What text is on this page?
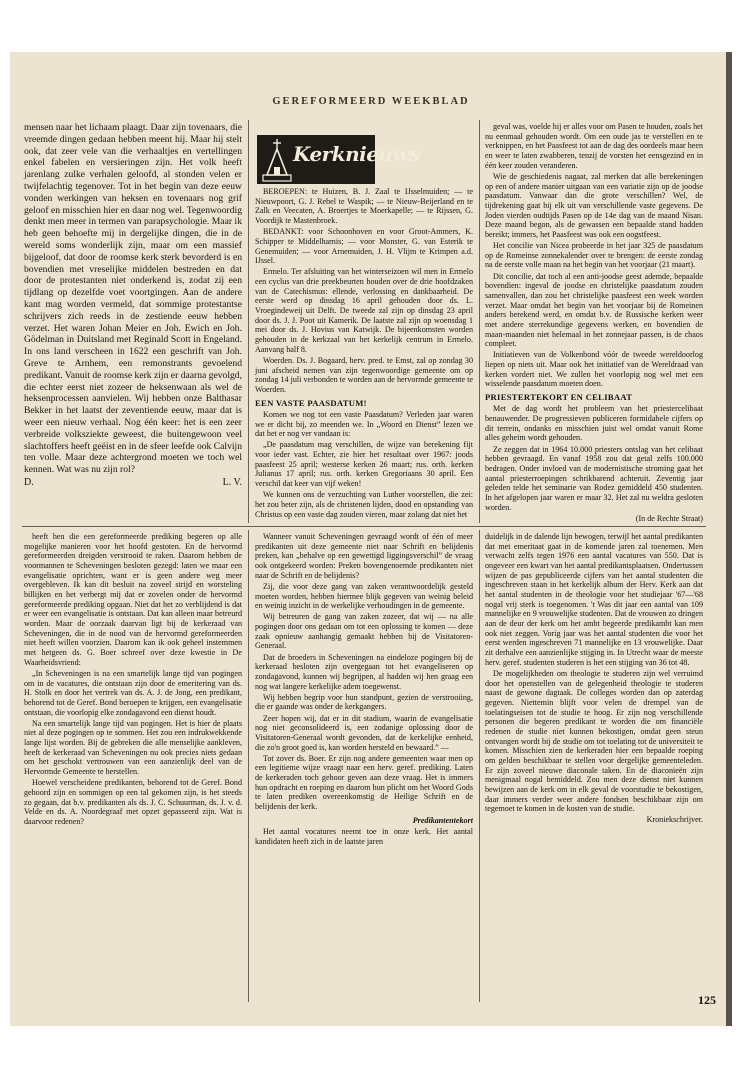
GEREFORMEERD WEEKBLAD

mensen naar het lichaam plaagt. Daar zijn tovenaars, die vreemde dingen gedaan hebben meent hij. Maar hij stelt ook, dat zeer vele van die verhaaltjes en vertellingen enkel fabelen en versieringen zijn. Het volk heeft jarenlang zulke verhalen geloofd, al stonden velen er twijfelachtig tegenover. Tot in het begin van deze eeuw vonden werkingen van heksen en tovenaars nog grif geloof en misschien hier en daar nog wel. Tegenwoordig denkt men meer in termen van parapsychologie. Maar ik heb geen behoefte mij in dergelijke dingen, die in de wereld soms wonderlijk zijn, maar om een massief bijgeloof, dat door de roomse kerk sterk bevorderd is en bovendien met vreselijke middelen bestreden en dat door de protestanten niet onderkend is, zodat zij een tijdlang op dezelfde voet voortgingen. Aan de andere kant mag worden vermeld, dat sommige protestantse schrijvers zich reeds in de zestiende eeuw hebben verzet. Het waren Johan Meier en Joh. Ewich en Joh. Gödelman in Duitsland met Reginald Scott in Engeland. In ons land verscheen in 1622 een geschrift van Joh. Greve te Arnhem, een remonstrants gevoelend predikant. Vanuit de roomse kerk zijn er daarna gevolgd, die echter eerst niet zozeer de heksenwaan als wel de heksenprocessen aanvielen. Wij hebben onze Balthasar Bekker in het laatst der zeventiende eeuw, maar dat is weer een nieuw verhaal. Nog één keer: het is een zeer verbreide volksziekte geweest, die buitengewoon veel slachtoffers heeft geëist en in de sfeer leefde ook Calvijn ten volle. Maar deze achtergrond moeten we toch wel kennen. Wat was nu zijn rol?

D.	L. V.
Kerknieuws

BEROEPEN: te Huizen, B. J. Zaal te IJsselmuiden; — te Nieuwpoort, G. J. Rebel te Waspik; — te Nieuw-Beijerland en te Zalk en Veecaten, A. Broertjes te Moerkapelle; — te Rijssen, G. Voordijk te Mastenbroek.

BEDANKT: voor Schoonhoven en voor Groot-Ammers, K. Schipper te Middelharnis; — voor Monster, G. van Esterik te Genemuiden; — voor Arnemuiden, J. H. Vlijm te Krimpen a.d. IJssel.

Ermelo. Ter afsluiting van het winterseizoen wil men in Ermelo een cyclus van drie preekbeurten houden over de drie hoofdzaken van de Catechismus: ellende, verlossing en dankbaarheid. De eerste werd op dinsdag 16 april gehouden door ds. L. Vroegindeweij uit Delft. De tweede zal zijn op dinsdag 23 april door ds. J. J. Poot uit Kamerik. De laatste zal zijn op woensdag 1 mei door ds. J. Hovius van Katwijk. De bijeenkomsten worden gehouden in de kerkzaal van het kerkelijk centrum in Ermelo. Aanvang half 8.

Woerden. Ds. J. Bogaard, herv. pred. te Emst, zal op zondag 30 juni afscheid nemen van zijn tegenwoordige gemeente om op zondag 14 juli verbonden te worden aan de hervormde gemeente te Woerden.

EEN VASTE PAASDATUM!

Komen we nog tot een vaste Paasdatum? Verleden jaar waren we er dicht bij, zo meenden we. In „Woord en Dienst” lezen we dat het er nog ver vandaan is:

„De paasdatum mag verschillen, de wijze van berekening fijt voor ieder vast. Echter, zie hier het resultaat over 1967: joods paasfeest 25 april; westerse kerken 26 maart; rus. orth. kerken Julianus 17 april; rus. orth. kerken Gregoriaans 30 april. Een verschil dat keer van vijf weken!

We kunnen ons de verzuchting van Luther voorstellen, die zei: het zou beter zijn, als de christenen lijden, dood en opstanding van Christus op een vaste dag zouden vieren, maar zolang dat niet het

geval was, voelde hij er alles voor om Pasen te houden, zoals het nu eenmaal gehouden wordt. Om een oude jas te verstellen en te verknippen, en het Paasfeest tot aan de dag des oordeels maar heen en weer te laten zwabberen, tenzij de vorsten het eensgezind en in één keer zouden veranderen.

Wie de geschiedenis nagaat, zal merken dat alle berekeningen op een of andere manier uitgaan van een variatie zijn op de joodse paasdatum. Vanwaar dan die grote verschillen? Wel, de tijdrekening gaat bij elk uit van verschillende vaste gegevens. De Joden vierden oudtijds Pasen op de 14e dag van de maand Nisan. Deze maand begon, als de gewassen een bepaalde stand hadden bereikt; immers, het Paasfeest was ook een oogstfeest.

Het concilie van Nicea probeerde in het jaar 325 de paasdatum op de Romeinse zonnekalender over te brengen: de eerste zondag na de eerste volle maan na het begin van het voorjaar (21 maart).

Dit concilie, dat toch al een anti-joodse geest ademde, bepaalde bovendien: ingeval de joodse en christelijke paasdatum zouden samenvallen, dan zou het christelijke paasfeest een week worden verzet. Maar omdat het begin van het voorjaar bij de Romeinen anders berekend werd, en omdat b.v. de Russische kerken weer met andere sterrekundige gegevens werken, en bovendien de maan-maanden niet helemaal in het zonnejaar passen, is de chaos compleet.

Initiatieven van de Volkenbond vóór de tweede wereldoorlog liepen op niets uit. Maar ook het initiatief van de Wereldraad van kerken vordert niet. We zullen het voorlopig nog wel met een wisselende paasdatum moeten doen.

PRIESTERTEKORT EN CELIBAAT

Met de dag wordt het probleem van het priestercelibaat benauwender. De progressieven publiceren formidabele cijfers op dit terrein, ondanks en misschien juist wel omdat vanuit Rome alles geheim wordt gehouden.

Ze zeggen dat in 1964 10.000 priesters ontslag van het celibaat hebben gevraagd. En vanaf 1958 zou dat getal zelfs 100.000 bedragen. Onder invloed van de modernistische stroming gaat het aantal priesterroepingen schrikbarend achteruit. Zeventig jaar geleden telde het seminarie van Rodez gemiddeld 450 studenten. In het afgelopen jaar waren er maar 32. Het zal nu weldra gesloten worden.

(In de Rechte Straat)

heeft hen die een gereformeerde prediking begeren op alle mogelijke manieren voor het hoofd gestoten. En de hervormd gereformeerden dreigden verstrooid te raken. Daarom hebben de voormannen te Scheveningen besloten gezegd: laten we maar een evangelisatie oprichten, want er is geen andere weg meer overgebleven. Ik kan dit besluit na zoveel strijd en worsteling billijken en het verbergt mij dat er zovelen onder de hervormd gereformeerde prediking opgaan. Niet dat het zo verblijdend is dat er weer een evangelisatie is ontstaan. Dat kan alleen maar betreurd worden. Maar de oorzaak daarvan ligt bij de kerkeraad van Scheveningen, die in de nood van de hervormd gereformeerden niet heeft willen voorzien. Daarom kan ik ook geheel instemmen met hetgeen ds. G. Boer schreef over deze kwestie in De Waarheidsvriend:

„In Scheveningen is na een smartelijk lange tijd van pogingen om in de vacatures, die ontstaan zijn door de emeritering van ds. H. Stolk en door het vertrek van ds. A. J. de Jong, een predikant, behorend tot de Geref. Bond beroepen te krijgen, een evangelisatie ontstaan, die voorlopig elke zondagavond een dienst houdt.

Na een smartelijk lange tijd van pogingen. Het is hier de plaats niet al deze pogingen op te sommen. Het zou een indrukwekkende lange lijst worden. Bij de gebreken die alle menselijke aankleven, heeft de kerkeraad van Scheveningen nu ook precies niets gedaan om het geschokt vertrouwen van een aanzienlijk deel van de Hervormde Gemeente te herstellen.

Hoewel verscheidene predikanten, behorend tot de Geref. Bond gehoord zijn en sommigen op een tal gekomen zijn, is het steeds zo gegaan, dat b.v. predikanten als ds. J. C. Schuurman, ds. J. v. d. Velde en ds. A. Noordegraaf met opzet gepasseerd zijn. Wat is daarvoor redenen?

Wanneer vanuit Scheveningen gevraagd wordt of één of meer predikanten uit deze gemeente niet naar Schrift en belijdenis preken, kan „behalve op een gewettigd liggingsverschil” de vraag ook ontgekeerd worden: Preken bovengenoemde predikanten niet naar de Schrift en de belijdenis?

Zij, die voor deze gang van zaken verantwoordelijk gesteld moeten worden, hebben hiermee blijk gegeven van weinig beleid en weinig inzicht in de werkelijke verhoudingen in de gemeente.

Wij betreuren de gang van zaken zozeer, dat wij — na alle pogingen door ons gedaan om tot een oplossing te komen — deze zaak opnieuw aanhangig gemaakt hebben bij de Visitatoren-Generaal.

Dat de broeders in Scheveningen na eindeloze pogingen bij de kerkeraad besloten zijn overgegaan tot het evangeliseren op zondagavond, kunnen wij begrijpen, al hadden wij hen graag een nog wat langere kerkelijke adem toegewenst.

Wij hebben begrip voor hun standpunt, gezien de verstrooiing, die er gaande was onder de kerkgangers.

Zeer hopen wij, dat er in dit stadium, waarin de evangelisatie nog niet geconsolideerd is, een zodanige oplossing door de Visitatoren-Generaal wordt gevonden, dat de kerkelijke eenheid, die zo'n groot goed is, kan worden hersteld en bewaard.” —

Tot zover ds. Boer. Er zijn nog andere gemeenten waar men op een legitieme wijze vraagt naar een herv. geref. prediking. Laten de kerkeraden toch gehoor geven aan deze vraag. Het is immers hun opdracht en roeping en daarom hun plicht om het Woord Gods te laten prediken overeenkomstig de Heilige Schrift en de belijdenis der kerk.

Predikantentekort

Het aantal vocatures neemt toe in onze kerk. Het aantal kandidaten heeft zich in de laatste jaren

duidelijk in de dalende lijn bewogen, terwijl het aantal predikanten dat met emeritaat gaat in de komende jaren zal toenemen. Men verwacht zelfs tegen 1976 een aantal vacatures van 550. Dat is ongeveer een kwart van het aantal predikantsplaatsen. Ondertussen wijzen de pas gepubliceerde cijfers van het aantal studenten die ingeschreven staan in het kerkelijk album der Herv. Kerk aan dat het aantal studenten in de theologie voor het studiejaar '67—'68 nogal vrij sterk is toegenomen. 't Was dit jaar een aantal van 109 mannelijke en 9 vrouwelijke studenten. Dat de vrouwen zo dringen aan de deur der kerk om het ambt begeerde predikambt kan men ook niet zeggen. Vorig jaar was het aantal studenten die voor het eerst werden ingeschreven 71 mannelijke en 13 vrouwelijke. Daar zit derhalve een aanzienlijke stijging in. In Utrecht waar de meeste herv. geref. studenten studeren is het een stijging van 36 tot 48.

De mogelijkheden om theologie te studeren zijn wel verruimd door het openstellen van de gelegenheid theologie te studeren naast de gewone dagtaak. De colleges worden dan op zaterdag gegeven. Niettemin blijft voor velen de drempel van de toelatingseisen tot de studie te hoog. Er zijn nog verschillende personen die begeren predikant te worden die om financiële redenen de studie niet kunnen bekostigen, omdat geen steun ontvangen wordt bij de studie om tot toelating tot de universiteit te komen. Misschien zien de kerkeraden hier een bepaalde roeping om gelden beschikbaar te stellen voor dergelijke gemeenteleden. Er zijn zoveel nieuwe diaconale taken. En de diaconieën zijn menigmaal nogal bemiddeld. Zou men deze dienst niet kunnen bewijzen aan de kerk om in elk geval de voorstudie te bekostigen, daar immers verder weer andere fondsen beschikbaar zijn om tegemoet te komen in de kosten van de studie.

Kroniekschrijver.
125
